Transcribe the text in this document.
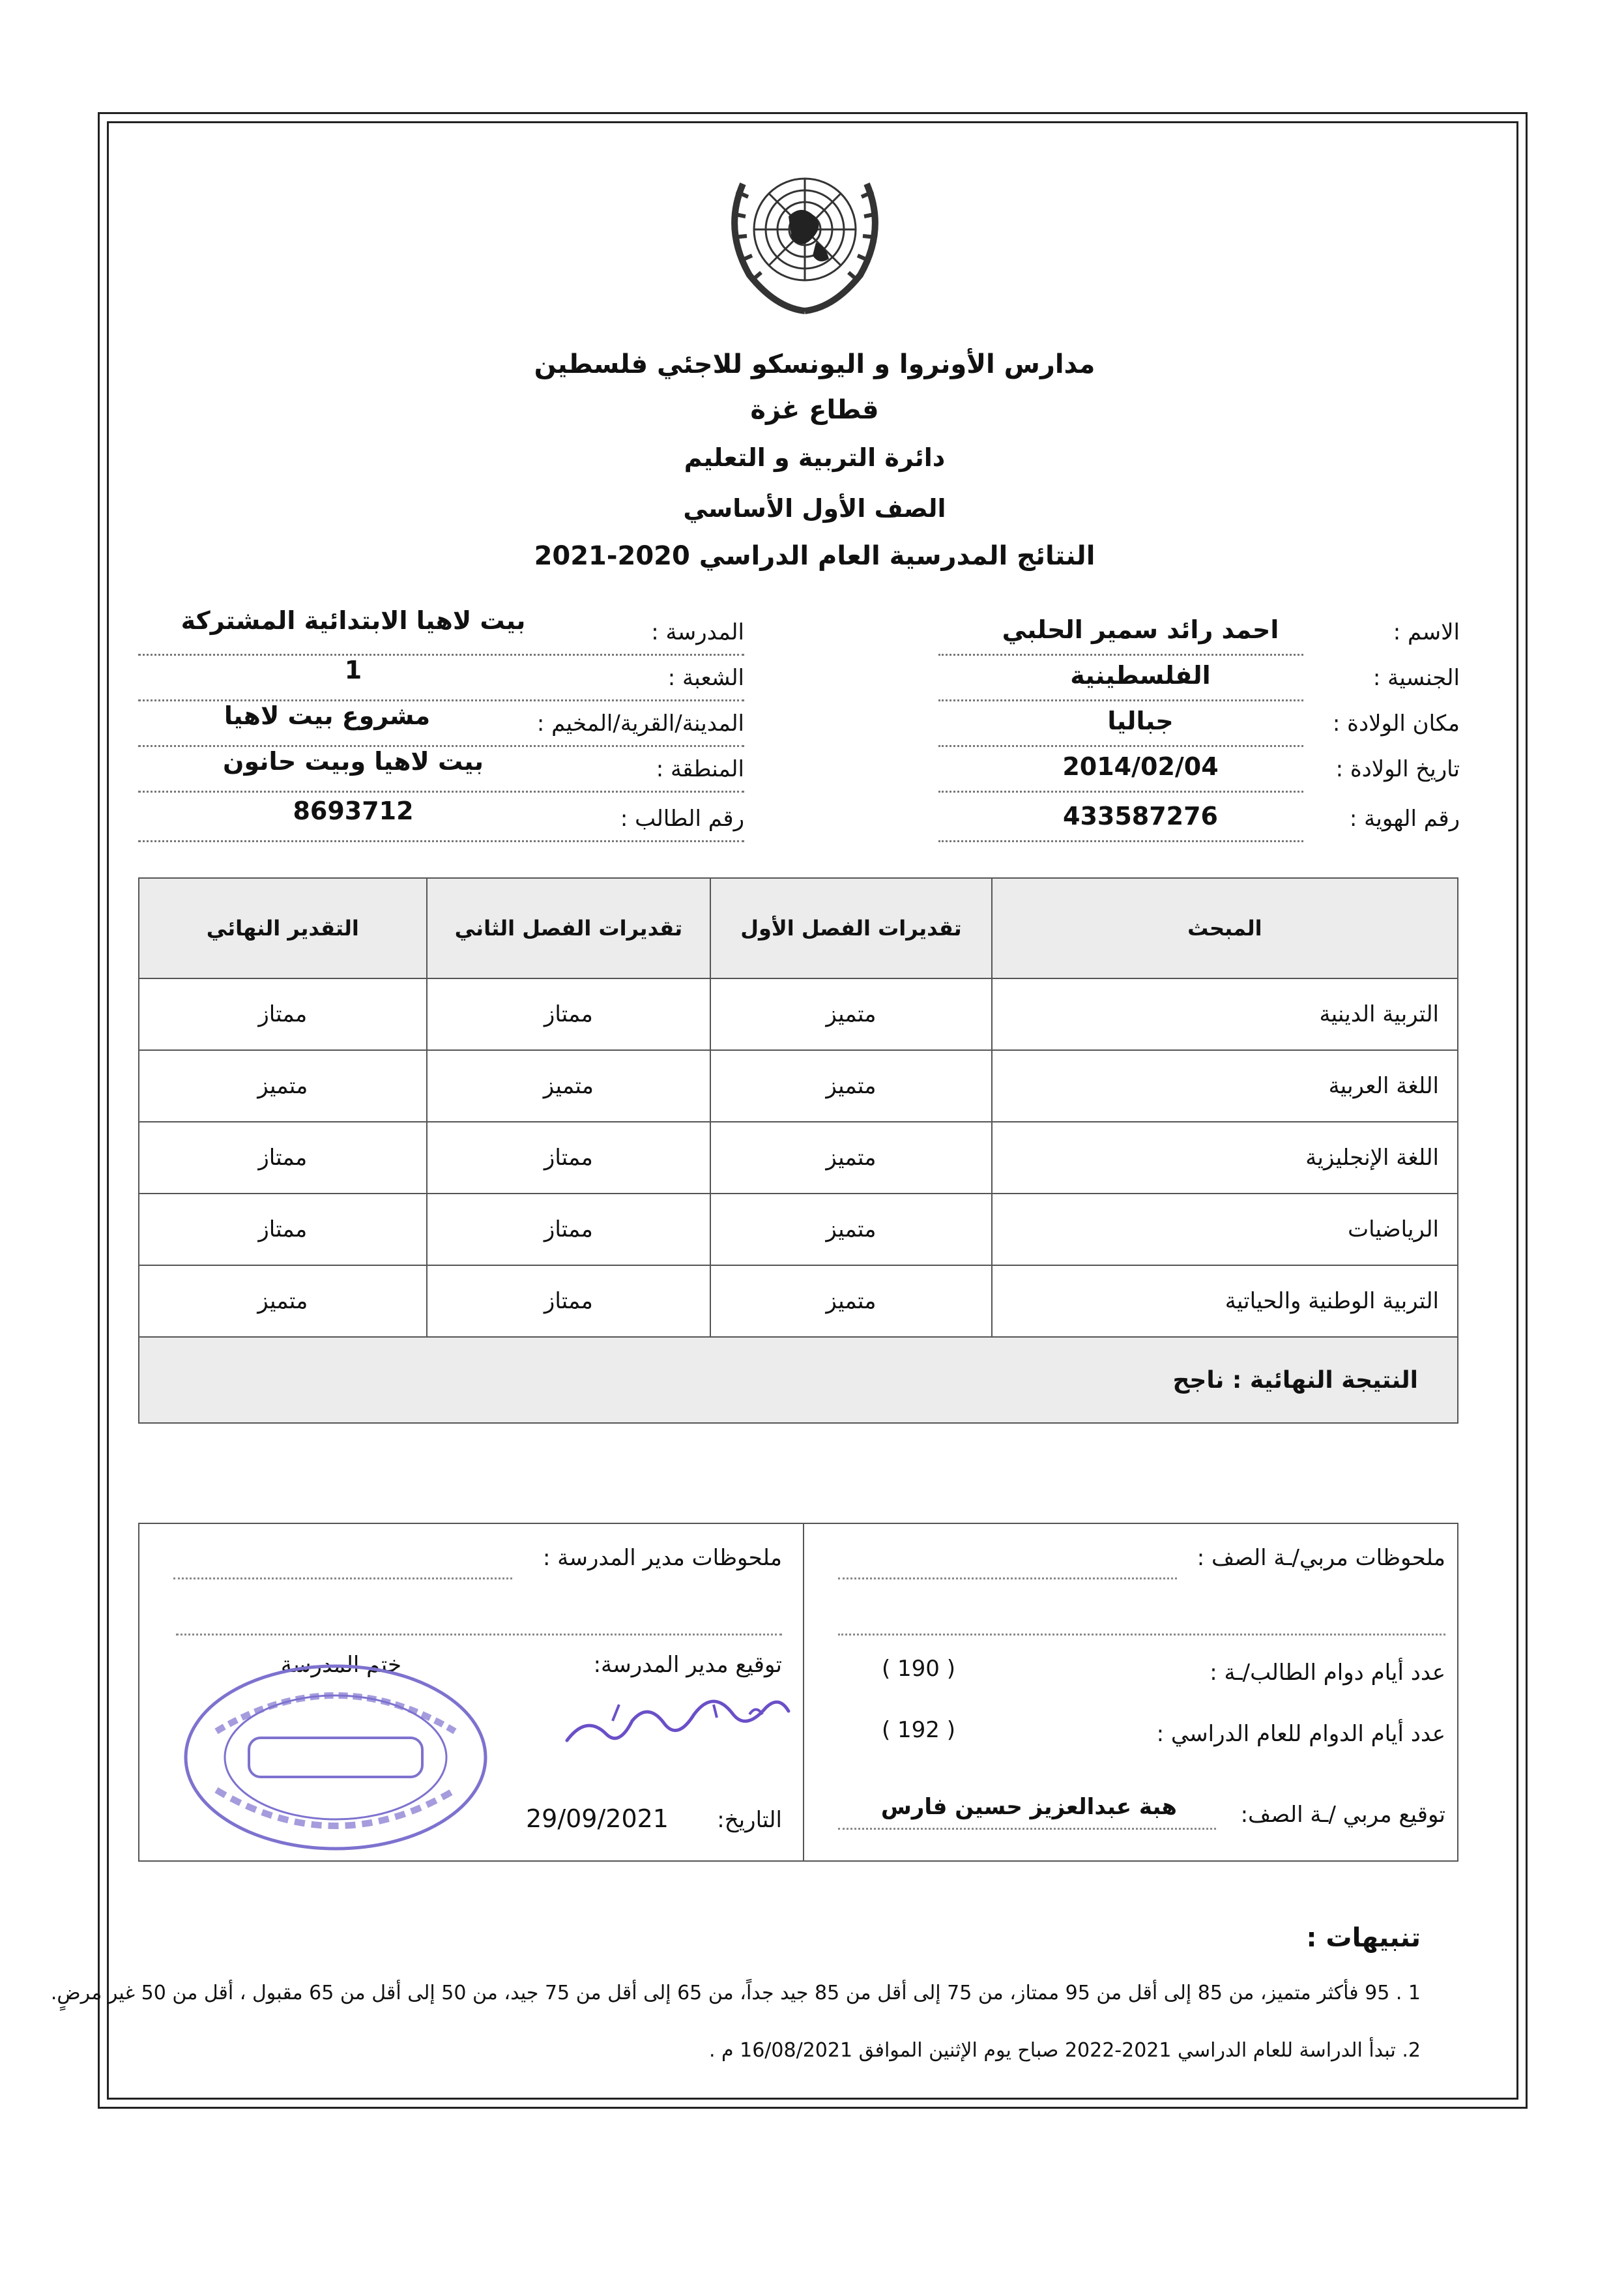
مدارس الأونروا و اليونسكو للاجئي فلسطين
قطاع غزة
دائرة التربية و التعليم
الصف الأول الأساسي
النتائج المدرسية العام الدراسي 2020-2021
الاسم :
احمد رائد سمير الحلبي
الجنسية :
الفلسطينية
مكان الولادة :
جباليا
تاريخ الولادة :
2014/02/04
رقم الهوية :
433587276
المدرسة :
بيت لاهيا الابتدائية المشتركة
الشعبة :
1
المدينة/القرية/المخيم :
مشروع بيت لاهيا
المنطقة :
بيت لاهيا وبيت حانون
رقم الطالب :
8693712
المبحث	تقديرات الفصل الأول	تقديرات الفصل الثاني	التقدير النهائي
التربية الدينية	متميز	ممتاز	ممتاز
اللغة العربية	متميز	متميز	متميز
اللغة الإنجليزية	متميز	ممتاز	ممتاز
الرياضيات	متميز	ممتاز	ممتاز
التربية الوطنية والحياتية	متميز	ممتاز	متميز
النتيجة النهائية : ناجح			
ملحوظات مربي/ـة الصف :
عدد أيام دوام الطالب/ـة :
( 190 )
عدد أيام الدوام للعام الدراسي :
( 192 )
توقيع مربي /ـة الصف:
هبة عبدالعزيز حسين فارس
ملحوظات مدير المدرسة :
توقيع مدير المدرسة:
ختم المدرسة
التاريخ:
29/09/2021
تنبيهات :
1 . 95 فأكثر متميز، من 85 إلى أقل من 95 ممتاز، من 75 إلى أقل من 85 جيد جداً، من 65 إلى أقل من 75 جيد، من 50 إلى أقل من 65 مقبول ، أقل من 50 غير مرضٍ.
2. تبدأ الدراسة للعام الدراسي 2021-2022 صباح يوم الإثنين الموافق 16/08/2021 م .
